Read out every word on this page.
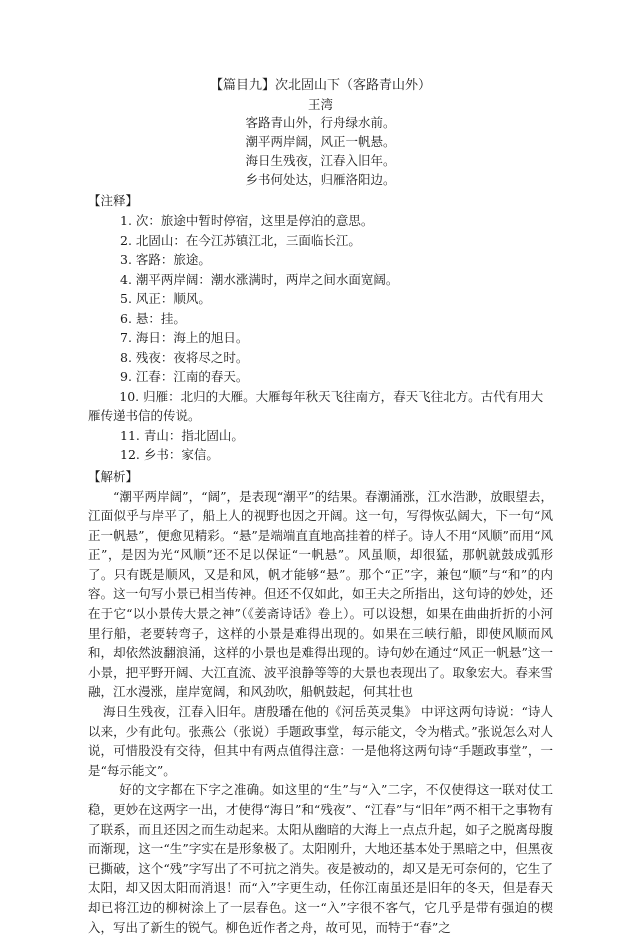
【篇目九】次北固山下（客路青山外）
王湾
客路青山外，行舟绿水前。
潮平两岸阔，风正一帆悬。
海日生残夜，江春入旧年。
乡书何处达，归雁洛阳边。
【注释】
1. 次：旅途中暂时停宿，这里是停泊的意思。
2. 北固山：在今江苏镇江北，三面临长江。
3. 客路：旅途。
4. 潮平两岸阔：潮水涨满时，两岸之间水面宽阔。
5. 风正：顺风。
6. 悬：挂。
7. 海日：海上的旭日。
8. 残夜：夜将尽之时。
9. 江春：江南的春天。
10. 归雁：北归的大雁。大雁每年秋天飞往南方，春天飞往北方。古代有用大雁传递书信的传说。
11. 青山：指北固山。
12. 乡书：家信。
【解析】

“潮平两岸阔”，“阔”，是表现“潮平”的结果。春潮涌涨，江水浩渺，放眼望去，江面似乎与岸平了，船上人的视野也因之开阔。这一句，写得恢弘阔大，下一句“风正一帆悬”，便愈见精彩。“悬”是端端直直地高挂着的样子。诗人不用“风顺”而用“风正”，是因为光“风顺”还不足以保证“一帆悬”。风虽顺，却很猛，那帆就鼓成弧形了。只有既是顺风，又是和风，帆才能够“悬”。那个“正”字，兼包“顺”与“和”的内容。这一句写小景已相当传神。但还不仅如此，如王夫之所指出，这句诗的妙处，还在于它“以小景传大景之神”（《姜斋诗话》卷上）。可以设想，如果在曲曲折折的小河里行船，老要转弯子，这样的小景是难得出现的。如果在三峡行船，即使风顺而风和，却依然波翻浪涌，这样的小景也是难得出现的。诗句妙在通过“风正一帆悬”这一小景，把平野开阔、大江直流、波平浪静等等的大景也表现出了。取象宏大。春来雪融，江水漫涨，崖岸宽阔，和风劲吹，船帆鼓起，何其壮也

海日生残夜，江春入旧年。唐殷璠在他的《河岳英灵集》 中评这两句诗说：“诗人以来，少有此句。张燕公（张说）手题政事堂，每示能文，令为楷式。”张说怎么对人说，可惜股没有交待，但其中有两点值得注意：一是他将这两句诗“手题政事堂”，一是“每示能文”。

好的文字都在下字之准确。如这里的“生”与“入”二字，不仅使得这一联对仗工稳，更妙在这两字一出，才使得“海日”和“残夜”、“江春”与“旧年”两不相干之事物有了联系，而且还因之而生动起来。太阳从幽暗的大海上一点点升起，如子之脱离母腹而渐现，这一“生”字实在是形象极了。太阳刚升，大地还基本处于黑暗之中，但黑夜已撕破，这个“残”字写出了不可抗之消失。夜是被动的，却又是无可奈何的，它生了太阳，却又因太阳而消退！而“入”字更生动，任你江南虽还是旧年的冬天，但是春天却已将江边的柳树涂上了一层春色。这一“入”字很不客气，它几乎是带有强迫的楔入，写出了新生的锐气。柳色近作者之舟，故可见，而特于“春”之
